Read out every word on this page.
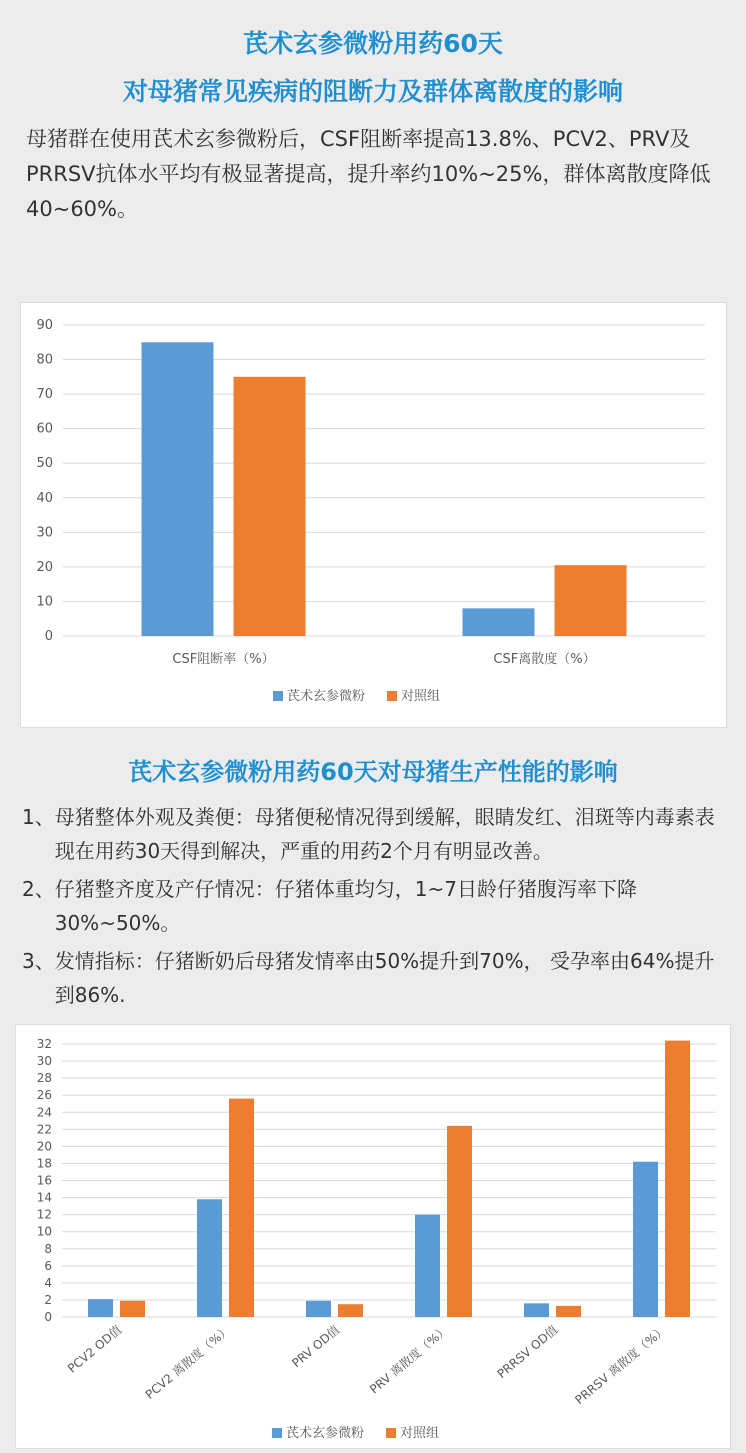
芪术玄参微粉用药60天
对母猪常见疾病的阻断力及群体离散度的影响

母猪群在使用芪术玄参微粉后，CSF阻断率提高13.8%、PCV2、PRV及PRRSV抗体水平均有极显著提高，提升率约10%~25%，群体离散度降低40~60%。

0
10
20
30
40
50
60
70
80
90
CSF阻断率（%）	CSF离散度（%）
芪术玄参微粉	对照组
芪术玄参微粉用药60天对母猪生产性能的影响
1、 母猪整体外观及粪便：母猪便秘情况得到缓解，眼睛发红、泪斑等内毒素表现在用药30天得到解决，严重的用药2个月有明显改善。
2、 仔猪整齐度及产仔情况：仔猪体重均匀，1~7日龄仔猪腹泻率下降30%~50%。
3、 发情指标：仔猪断奶后母猪发情率由50%提升到70%， 受孕率由64%提升到86%.
0
2
4
6
8
10
12
14
16
18
20
22
24
26
28
30
32
PCV2 OD值 PCV2 离散度（%）	PRV OD值 PRV 离散度（%）	PRRSV OD值 PRRSV 离散度（%）
芪术玄参微粉	对照组
